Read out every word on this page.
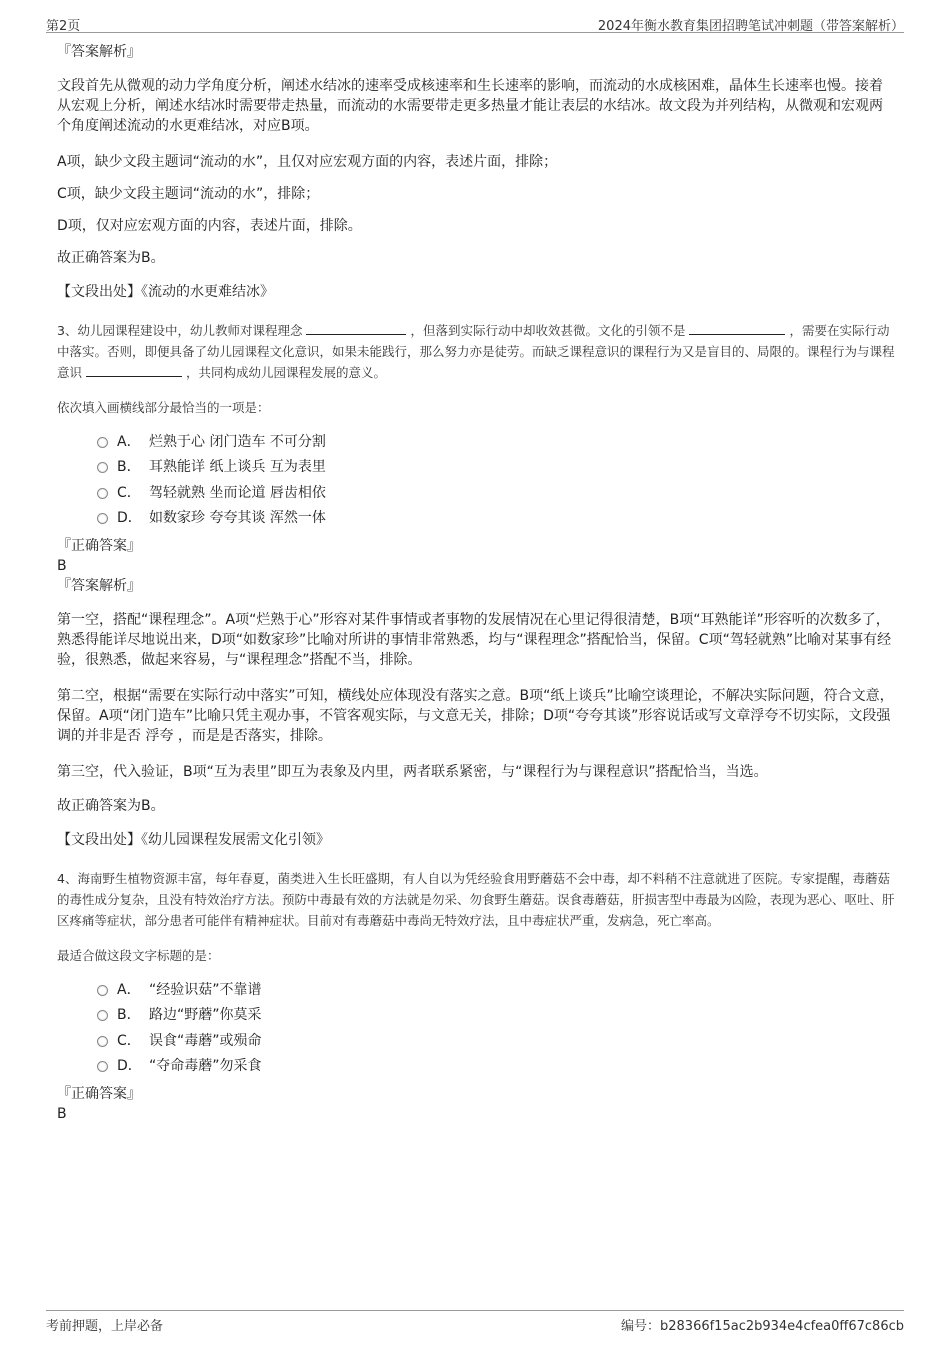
第2页	2024年衡水教育集团招聘笔试冲刺题（带答案解析）

『答案解析』

文段首先从微观的动力学角度分析，阐述水结冰的速率受成核速率和生长速率的影响，而流动的水成核困难，晶体生长速率也慢。接着从宏观上分析，阐述水结冰时需要带走热量，而流动的水需要带走更多热量才能让表层的水结冰。故文段为并列结构，从微观和宏观两个角度阐述流动的水更难结冰，对应B项。

A项，缺少文段主题词“流动的水”，且仅对应宏观方面的内容，表述片面，排除；

C项，缺少文段主题词“流动的水”，排除；

D项，仅对应宏观方面的内容，表述片面，排除。

故正确答案为B。

【文段出处】《流动的水更难结冰》

3、幼儿园课程建设中，幼儿教师对课程理念	，但落到实际行动中却收效甚微。文化的引领不是	，需要在实际行动中落实。否则，即便具备了幼儿园课程文化意识，如果未能践行，那么努力亦是徒劳。而缺乏课程意识的课程行为又是盲目的、局限的。课程行为与课程意识	，共同构成幼儿园课程发展的意义。

依次填入画横线部分最恰当的一项是：

A． 烂熟于心 闭门造车 不可分割
B． 耳熟能详 纸上谈兵 互为表里
C． 驾轻就熟 坐而论道 唇齿相依
D． 如数家珍 夸夸其谈 浑然一体

『正确答案』

B

『答案解析』

第一空，搭配“课程理念”。A项“烂熟于心”形容对某件事情或者事物的发展情况在心里记得很清楚，B项“耳熟能详”形容听的次数多了，熟悉得能详尽地说出来，D项“如数家珍”比喻对所讲的事情非常熟悉，均与“课程理念”搭配恰当，保留。C项“驾轻就熟”比喻对某事有经验，很熟悉，做起来容易，与“课程理念”搭配不当，排除。

第二空，根据“需要在实际行动中落实”可知，横线处应体现没有落实之意。B项“纸上谈兵”比喻空谈理论，不解决实际问题，符合文意，保留。A项“闭门造车”比喻只凭主观办事，不管客观实际，与文意无关，排除；D项“夸夸其谈”形容说话或写文章浮夸不切实际，文段强调的并非是否 浮夸 ，而是是否落实，排除。

第三空，代入验证，B项“互为表里”即互为表象及内里，两者联系紧密，与“课程行为与课程意识”搭配恰当，当选。

故正确答案为B。

【文段出处】《幼儿园课程发展需文化引领》

4、海南野生植物资源丰富，每年春夏，菌类进入生长旺盛期，有人自以为凭经验食用野蘑菇不会中毒，却不料稍不注意就进了医院。专家提醒，毒蘑菇的毒性成分复杂，且没有特效治疗方法。预防中毒最有效的方法就是勿采、勿食野生蘑菇。误食毒蘑菇，肝损害型中毒最为凶险，表现为恶心、呕吐、肝区疼痛等症状，部分患者可能伴有精神症状。目前对有毒蘑菇中毒尚无特效疗法，且中毒症状严重，发病急，死亡率高。

最适合做这段文字标题的是：

A． “经验识菇”不靠谱
B． 路边“野蘑”你莫采
C． 误食“毒蘑”或殒命
D． “夺命毒蘑”勿采食

『正确答案』

B

考前押题，上岸必备	编号：b28366f15ac2b934e4cfea0ff67c86cb
